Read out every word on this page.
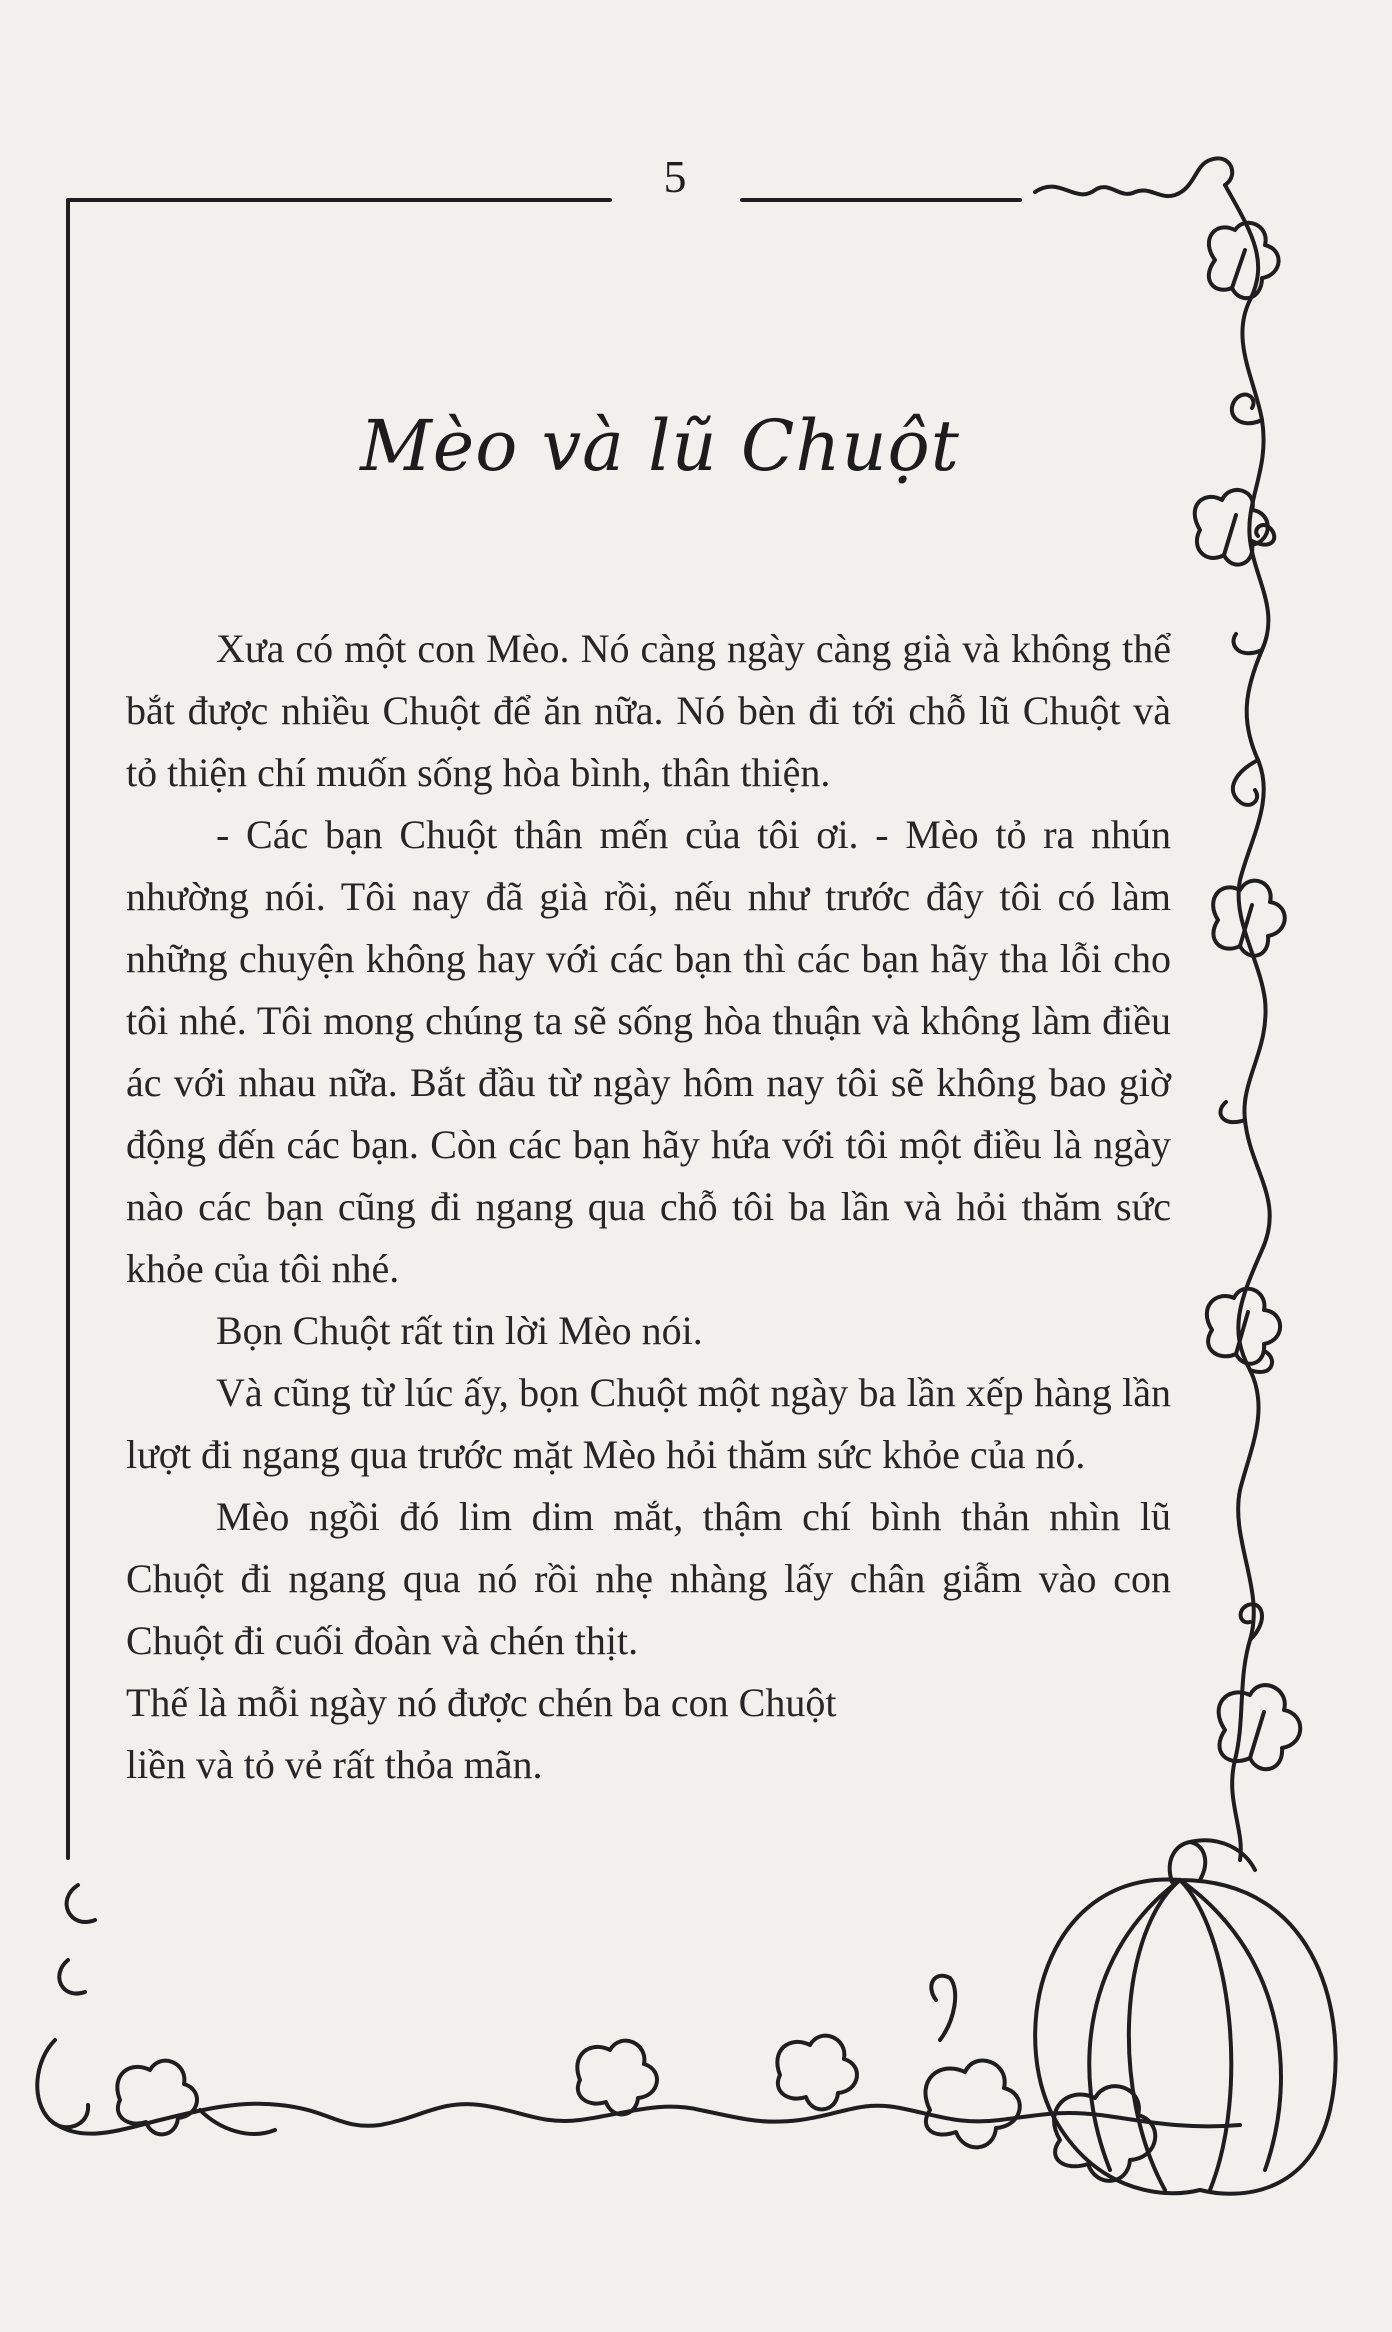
5
Mèo và lũ Chuột

Xưa có một con Mèo. Nó càng ngày càng già và không thể bắt được nhiều Chuột để ăn nữa. Nó bèn đi tới chỗ lũ Chuột và tỏ thiện chí muốn sống hòa bình, thân thiện.

- Các bạn Chuột thân mến của tôi ơi. - Mèo tỏ ra nhún nhường nói. Tôi nay đã già rồi, nếu như trước đây tôi có làm những chuyện không hay với các bạn thì các bạn hãy tha lỗi cho tôi nhé. Tôi mong chúng ta sẽ sống hòa thuận và không làm điều ác với nhau nữa. Bắt đầu từ ngày hôm nay tôi sẽ không bao giờ động đến các bạn. Còn các bạn hãy hứa với tôi một điều là ngày nào các bạn cũng đi ngang qua chỗ tôi ba lần và hỏi thăm sức khỏe của tôi nhé.

Bọn Chuột rất tin lời Mèo nói.

Và cũng từ lúc ấy, bọn Chuột một ngày ba lần xếp hàng lần lượt đi ngang qua trước mặt Mèo hỏi thăm sức khỏe của nó.

Mèo ngồi đó lim dim mắt, thậm chí bình thản nhìn lũ Chuột đi ngang qua nó rồi nhẹ nhàng lấy chân giẫm vào con Chuột đi cuối đoàn và chén thịt.

Thế là mỗi ngày nó được chén ba con Chuột liền và tỏ vẻ rất thỏa mãn.
